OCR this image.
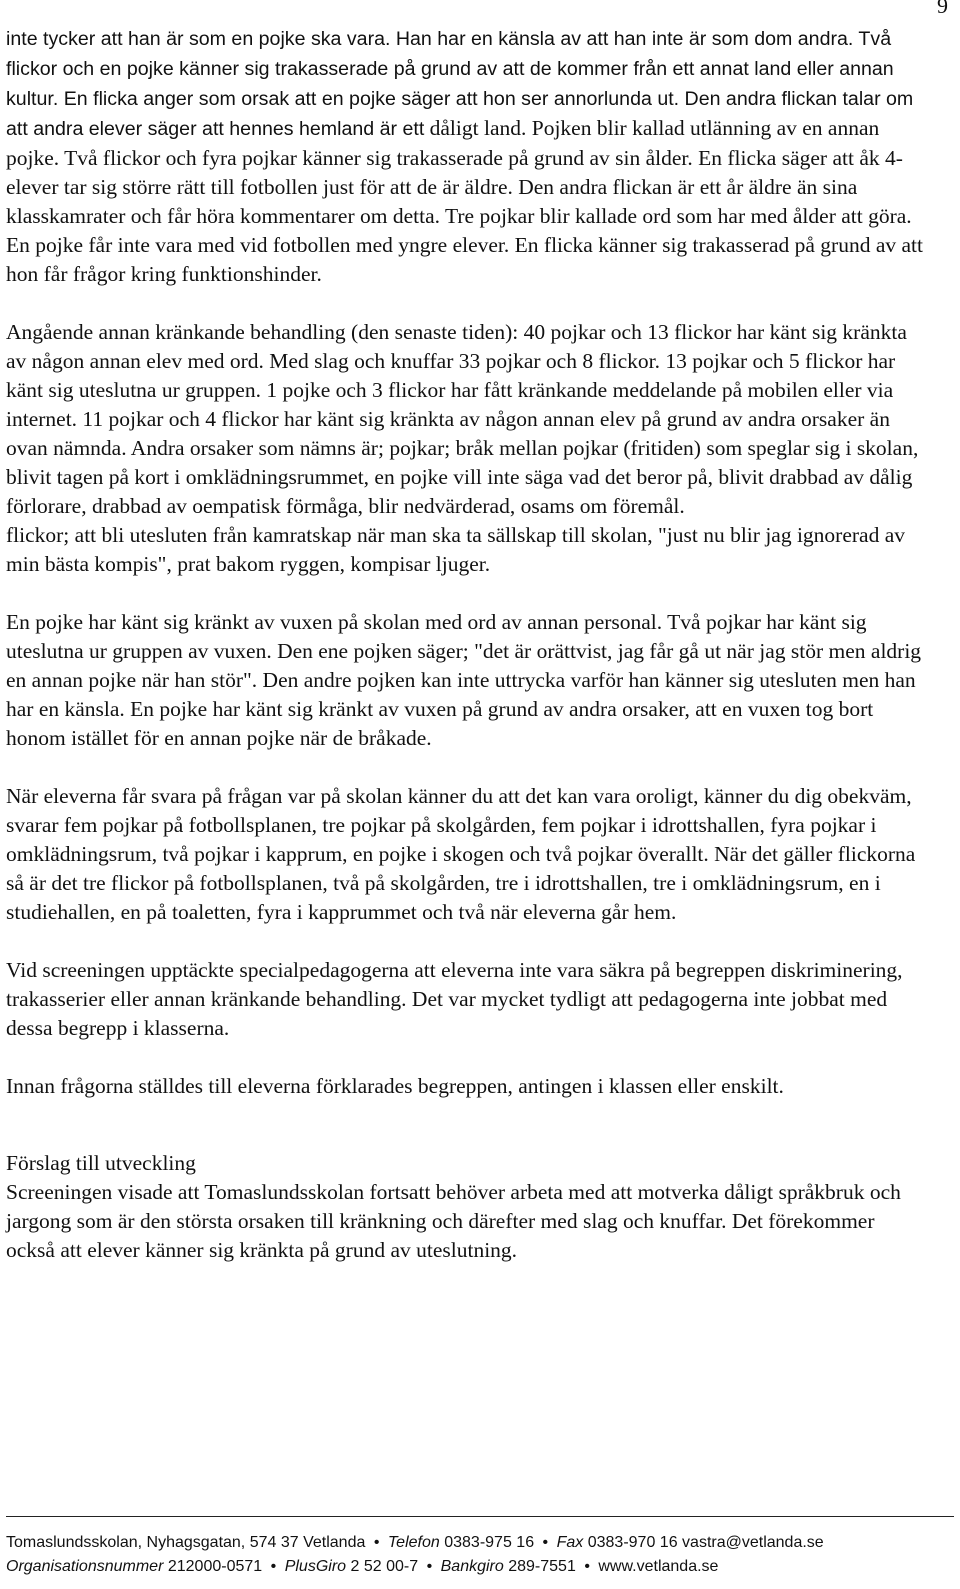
9

inte tycker att han är som en pojke ska vara. Han har en känsla av att han inte är som dom andra. Två flickor och en pojke känner sig trakasserade på grund av att de kommer från ett annat land eller annan kultur. En flicka anger som orsak att en pojke säger att hon ser annorlunda ut. Den andra flickan talar om att andra elever säger att hennes hemland är ett dåligt land. Pojken blir kallad utlänning av en annan pojke. Två flickor och fyra pojkar känner sig trakasserade på grund av sin ålder. En flicka säger att åk 4-elever tar sig större rätt till fotbollen just för att de är äldre. Den andra flickan är ett år äldre än sina klasskamrater och får höra kommentarer om detta. Tre pojkar blir kallade ord som har med ålder att göra. En pojke får inte vara med vid fotbollen med yngre elever. En flicka känner sig trakasserad på grund av att hon får frågor kring funktionshinder.

Angående annan kränkande behandling (den senaste tiden): 40 pojkar och 13 flickor har känt sig kränkta av någon annan elev med ord. Med slag och knuffar 33 pojkar och 8 flickor. 13 pojkar och 5 flickor har känt sig uteslutna ur gruppen. 1 pojke och 3 flickor har fått kränkande meddelande på mobilen eller via internet. 11 pojkar och 4 flickor har känt sig kränkta av någon annan elev på grund av andra orsaker än ovan nämnda. Andra orsaker som nämns är; pojkar; bråk mellan pojkar (fritiden) som speglar sig i skolan, blivit tagen på kort i omklädningsrummet, en pojke vill inte säga vad det beror på, blivit drabbad av dålig förlorare, drabbad av oempatisk förmåga, blir nedvärderad, osams om föremål.

flickor; att bli utesluten från kamratskap när man ska ta sällskap till skolan, "just nu blir jag ignorerad av min bästa kompis", prat bakom ryggen, kompisar ljuger.

En pojke har känt sig kränkt av vuxen på skolan med ord av annan personal. Två pojkar har känt sig uteslutna ur gruppen av vuxen. Den ene pojken säger; "det är orättvist, jag får gå ut när jag stör men aldrig en annan pojke när han stör". Den andre pojken kan inte uttrycka varför han känner sig utesluten men han har en känsla. En pojke har känt sig kränkt av vuxen på grund av andra orsaker, att en vuxen tog bort honom istället för en annan pojke när de bråkade.

När eleverna får svara på frågan var på skolan känner du att det kan vara oroligt, känner du dig obekväm, svarar fem pojkar på fotbollsplanen, tre pojkar på skolgården, fem pojkar i idrottshallen, fyra pojkar i omklädningsrum, två pojkar i kapprum, en pojke i skogen och två pojkar överallt. När det gäller flickorna så är det tre flickor på fotbollsplanen, två på skolgården, tre i idrottshallen, tre i omklädningsrum, en i studiehallen, en på toaletten, fyra i kapprummet och två när eleverna går hem.

Vid screeningen upptäckte specialpedagogerna att eleverna inte vara säkra på begreppen diskriminering, trakasserier eller annan kränkande behandling. Det var mycket tydligt att pedagogerna inte jobbat med dessa begrepp i klasserna.

Innan frågorna ställdes till eleverna förklarades begreppen, antingen i klassen eller enskilt.

Förslag till utveckling

Screeningen visade att Tomaslundsskolan fortsatt behöver arbeta med att motverka dåligt språkbruk och jargong som är den största orsaken till kränkning och därefter med slag och knuffar. Det förekommer också att elever känner sig kränkta på grund av uteslutning.

Tomaslundsskolan, Nyhagsgatan, 574 37 Vetlanda • Telefon 0383-975 16 • Fax 0383-970 16 vastra@vetlanda.se
Organisationsnummer 212000-0571 • PlusGiro 2 52 00-7 • Bankgiro 289-7551 • www.vetlanda.se
